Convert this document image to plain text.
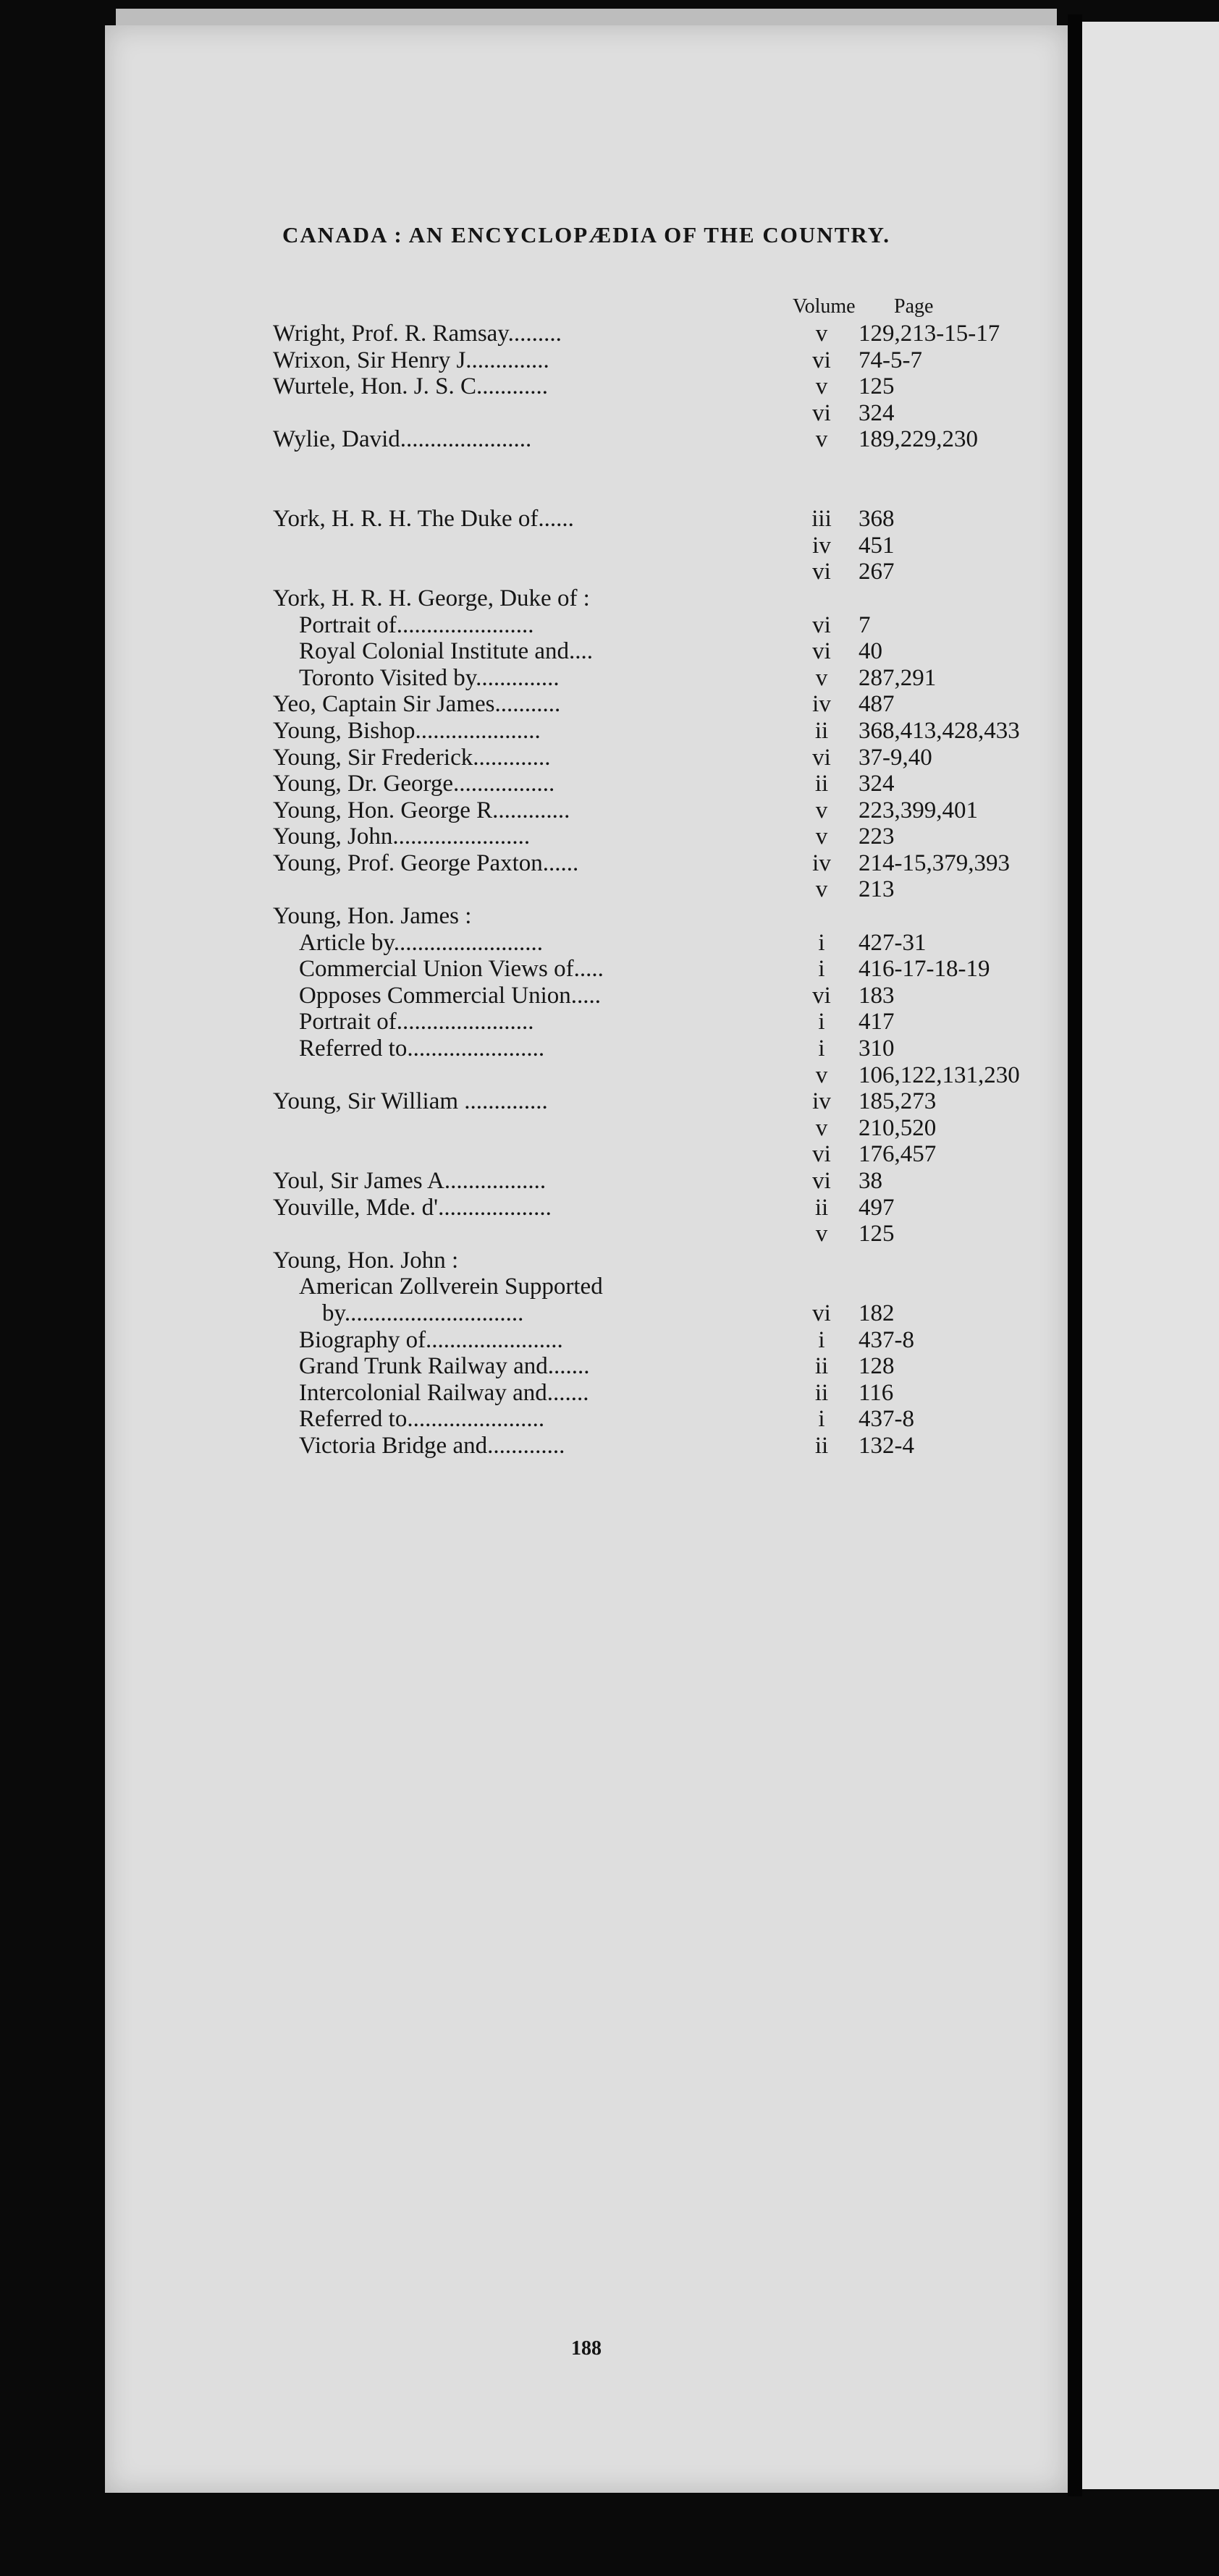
CANADA : AN ENCYCLOPÆDIA OF THE COUNTRY.
Volume Page
Wright, Prof. R. Ramsay.........	v	129,213-15-17
Wrixon, Sir Henry J..............	vi	74-5-7
Wurtele, Hon. J. S. C............	v	125
vi	324
Wylie, David......................	v	189,229,230
York, H. R. H. The Duke of......	iii	368
iv	451
vi	267
York, H. R. H. George, Duke of :
Portrait of.......................	vi	7
Royal Colonial Institute and....	vi	40
Toronto Visited by..............	v	287,291
Yeo, Captain Sir James...........	iv	487
Young, Bishop.....................	ii	368,413,428,433
Young, Sir Frederick.............	vi	37-9,40
Young, Dr. George.................	ii	324
Young, Hon. George R.............	v	223,399,401
Young, John.......................	v	223
Young, Prof. George Paxton......	iv	214-15,379,393
v	213
Young, Hon. James :
Article by.........................	i	427-31
Commercial Union Views of.....	i	416-17-18-19
Opposes Commercial Union.....	vi	183
Portrait of.......................	i	417
Referred to.......................	i	310
v	106,122,131,230
Young, Sir William ..............	iv	185,273
v	210,520
vi	176,457
Youl, Sir James A.................	vi	38
Youville, Mde. d'...................	ii	497
v	125
Young, Hon. John :
American Zollverein Supported
by..............................	vi	182
Biography of.......................	i	437-8
Grand Trunk Railway and.......	ii	128
Intercolonial Railway and.......	ii	116
Referred to.......................	i	437-8
Victoria Bridge and.............	ii	132-4
188
